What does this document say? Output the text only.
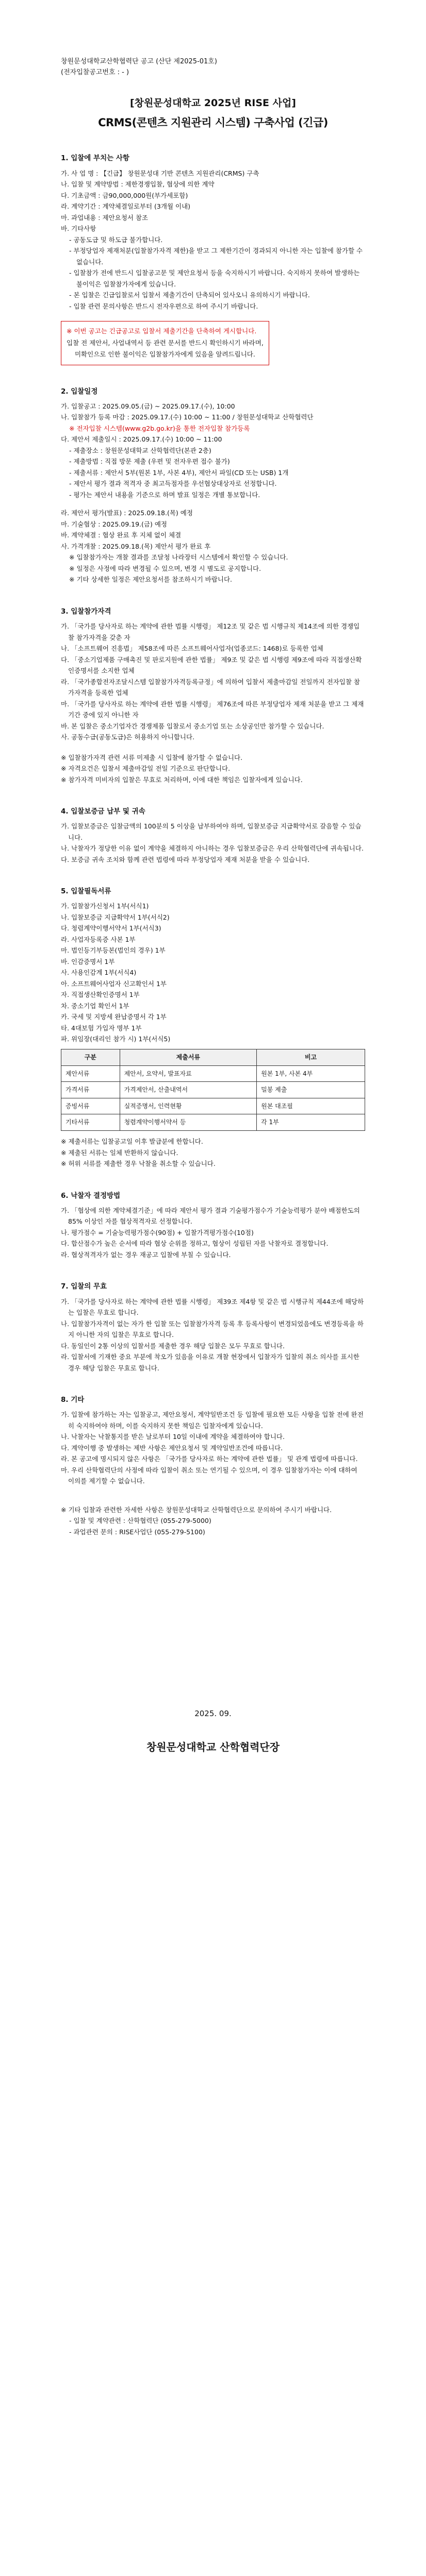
창원문성대학교산학협력단 공고 (산단 제2025-01호)
(전자입찰공고번호 : - )
[창원문성대학교 2025년 RISE 사업]
CRMS(콘텐츠 지원관리 시스템) 구축사업 (긴급)
1. 입찰에 부치는 사항

가. 사 업 명 : 【긴급】 창원문성대 기반 콘텐츠 지원관리(CRMS) 구축

나. 입찰 및 계약방법 : 제한경쟁입찰, 협상에 의한 계약

다. 기초금액 : 금90,000,000원(부가세포함)

라. 계약기간 : 계약체결일로부터 (3개월 이내)

마. 과업내용 : 제안요청서 참조

바. 기타사항

- 공동도급 및 하도급 불가합니다.

- 부정당업자 제재처분(입찰참가자격 제한)을 받고 그 제한기간이 경과되지 아니한 자는 입찰에 참가할 수 없습니다.

- 입찰참가 전에 반드시 입찰공고문 및 제안요청서 등을 숙지하시기 바랍니다. 숙지하지 못하여 발생하는 불이익은 입찰참가자에게 있습니다.

- 본 입찰은 긴급입찰로서 입찰서 제출기간이 단축되어 있사오니 유의하시기 바랍니다.

- 입찰 관련 문의사항은 반드시 전자우편으로 하여 주시기 바랍니다.

※ 이번 공고는 긴급공고로 입찰서 제출기간을 단축하여 게시합니다.
입찰 전 제안서, 사업내역서 등 관련 문서를 반드시 확인하시기 바라며,
미확인으로 인한 불이익은 입찰참가자에게 있음을 알려드립니다.
2. 입찰일정

가. 입찰공고 : 2025.09.05.(금) ~ 2025.09.17.(수), 10:00

나. 입찰참가 등록 마감 : 2025.09.17.(수) 10:00 ~ 11:00 / 창원문성대학교 산학협력단

※ 전자입찰 시스템(www.g2b.go.kr)을 통한 전자입찰 참가등록

다. 제안서 제출일시 : 2025.09.17.(수) 10:00 ~ 11:00

- 제출장소 : 창원문성대학교 산학협력단(본관 2층)

- 제출방법 : 직접 방문 제출 (우편 및 전자우편 접수 불가)

- 제출서류 : 제안서 5부(원본 1부, 사본 4부), 제안서 파일(CD 또는 USB) 1개

- 제안서 평가 결과 적격자 중 최고득점자를 우선협상대상자로 선정합니다.

- 평가는 제안서 내용을 기준으로 하며 발표 일정은 개별 통보합니다.

라. 제안서 평가(발표) : 2025.09.18.(목) 예정

마. 기술협상 : 2025.09.19.(금) 예정

바. 계약체결 : 협상 완료 후 지체 없이 체결

사. 가격개찰 : 2025.09.18.(목) 제안서 평가 완료 후

※ 입찰참가자는 개찰 결과를 조달청 나라장터 시스템에서 확인할 수 있습니다.

※ 일정은 사정에 따라 변경될 수 있으며, 변경 시 별도로 공지합니다.

※ 기타 상세한 일정은 제안요청서를 참조하시기 바랍니다.

3. 입찰참가자격

가. 「국가를 당사자로 하는 계약에 관한 법률 시행령」 제12조 및 같은 법 시행규칙 제14조에 의한 경쟁입찰 참가자격을 갖춘 자

나. 「소프트웨어 진흥법」 제58조에 따른 소프트웨어사업자(업종코드: 1468)로 등록한 업체

다. 「중소기업제품 구매촉진 및 판로지원에 관한 법률」 제9조 및 같은 법 시행령 제9조에 따라 직접생산확인증명서를 소지한 업체

라. 「국가종합전자조달시스템 입찰참가자격등록규정」에 의하여 입찰서 제출마감일 전일까지 전자입찰 참가자격을 등록한 업체

마. 「국가를 당사자로 하는 계약에 관한 법률 시행령」 제76조에 따른 부정당업자 제재 처분을 받고 그 제재기간 중에 있지 아니한 자

바. 본 입찰은 중소기업자간 경쟁제품 입찰로서 중소기업 또는 소상공인만 참가할 수 있습니다.

사. 공동수급(공동도급)은 허용하지 아니합니다.

※ 입찰참가자격 관련 서류 미제출 시 입찰에 참가할 수 없습니다.

※ 자격요건은 입찰서 제출마감일 전일 기준으로 판단합니다.

※ 참가자격 미비자의 입찰은 무효로 처리하며, 이에 대한 책임은 입찰자에게 있습니다.

4. 입찰보증금 납부 및 귀속

가. 입찰보증금은 입찰금액의 100분의 5 이상을 납부하여야 하며, 입찰보증금 지급확약서로 갈음할 수 있습니다.

나. 낙찰자가 정당한 이유 없이 계약을 체결하지 아니하는 경우 입찰보증금은 우리 산학협력단에 귀속됩니다.

다. 보증금 귀속 조치와 함께 관련 법령에 따라 부정당업자 제재 처분을 받을 수 있습니다.

5. 입찰필독서류

가. 입찰참가신청서 1부(서식1)

나. 입찰보증금 지급확약서 1부(서식2)

다. 청렴계약이행서약서 1부(서식3)

라. 사업자등록증 사본 1부

마. 법인등기부등본(법인의 경우) 1부

바. 인감증명서 1부

사. 사용인감계 1부(서식4)

아. 소프트웨어사업자 신고확인서 1부

자. 직접생산확인증명서 1부

차. 중소기업 확인서 1부

카. 국세 및 지방세 완납증명서 각 1부

타. 4대보험 가입자 명부 1부

파. 위임장(대리인 참가 시) 1부(서식5)

구분	제출서류	비고
제안서류	제안서, 요약서, 발표자료	원본 1부, 사본 4부
가격서류	가격제안서, 산출내역서	밀봉 제출
증빙서류	실적증명서, 인력현황	원본 대조필
기타서류	청렴계약이행서약서 등	각 1부

※ 제출서류는 입찰공고일 이후 발급분에 한합니다.

※ 제출된 서류는 일체 반환하지 않습니다.

※ 허위 서류를 제출한 경우 낙찰을 취소할 수 있습니다.

6. 낙찰자 결정방법

가. 「협상에 의한 계약체결기준」에 따라 제안서 평가 결과 기술평가점수가 기술능력평가 분야 배점한도의 85% 이상인 자를 협상적격자로 선정합니다.

나. 평가점수 = 기술능력평가점수(90점) + 입찰가격평가점수(10점)

다. 합산점수가 높은 순서에 따라 협상 순위를 정하고, 협상이 성립된 자를 낙찰자로 결정합니다.

라. 협상적격자가 없는 경우 재공고 입찰에 부칠 수 있습니다.

7. 입찰의 무효

가. 「국가를 당사자로 하는 계약에 관한 법률 시행령」 제39조 제4항 및 같은 법 시행규칙 제44조에 해당하는 입찰은 무효로 합니다.

나. 입찰참가자격이 없는 자가 한 입찰 또는 입찰참가자격 등록 후 등록사항이 변경되었음에도 변경등록을 하지 아니한 자의 입찰은 무효로 합니다.

다. 동일인이 2통 이상의 입찰서를 제출한 경우 해당 입찰은 모두 무효로 합니다.

라. 입찰서에 기재한 중요 부분에 착오가 있음을 이유로 개찰 현장에서 입찰자가 입찰의 취소 의사를 표시한 경우 해당 입찰은 무효로 합니다.

8. 기타

가. 입찰에 참가하는 자는 입찰공고, 제안요청서, 계약일반조건 등 입찰에 필요한 모든 사항을 입찰 전에 완전히 숙지하여야 하며, 이를 숙지하지 못한 책임은 입찰자에게 있습니다.

나. 낙찰자는 낙찰통지를 받은 날로부터 10일 이내에 계약을 체결하여야 합니다.

다. 계약이행 중 발생하는 제반 사항은 제안요청서 및 계약일반조건에 따릅니다.

라. 본 공고에 명시되지 않은 사항은 「국가를 당사자로 하는 계약에 관한 법률」 및 관계 법령에 따릅니다.

마. 우리 산학협력단의 사정에 따라 입찰이 취소 또는 연기될 수 있으며, 이 경우 입찰참가자는 이에 대하여 이의를 제기할 수 없습니다.

※ 기타 입찰과 관련한 자세한 사항은 창원문성대학교 산학협력단으로 문의하여 주시기 바랍니다.

- 입찰 및 계약관련 : 산학협력단 (055-279-5000)

- 과업관련 문의 : RISE사업단 (055-279-5100)

2025. 09.
창원문성대학교 산학협력단장
